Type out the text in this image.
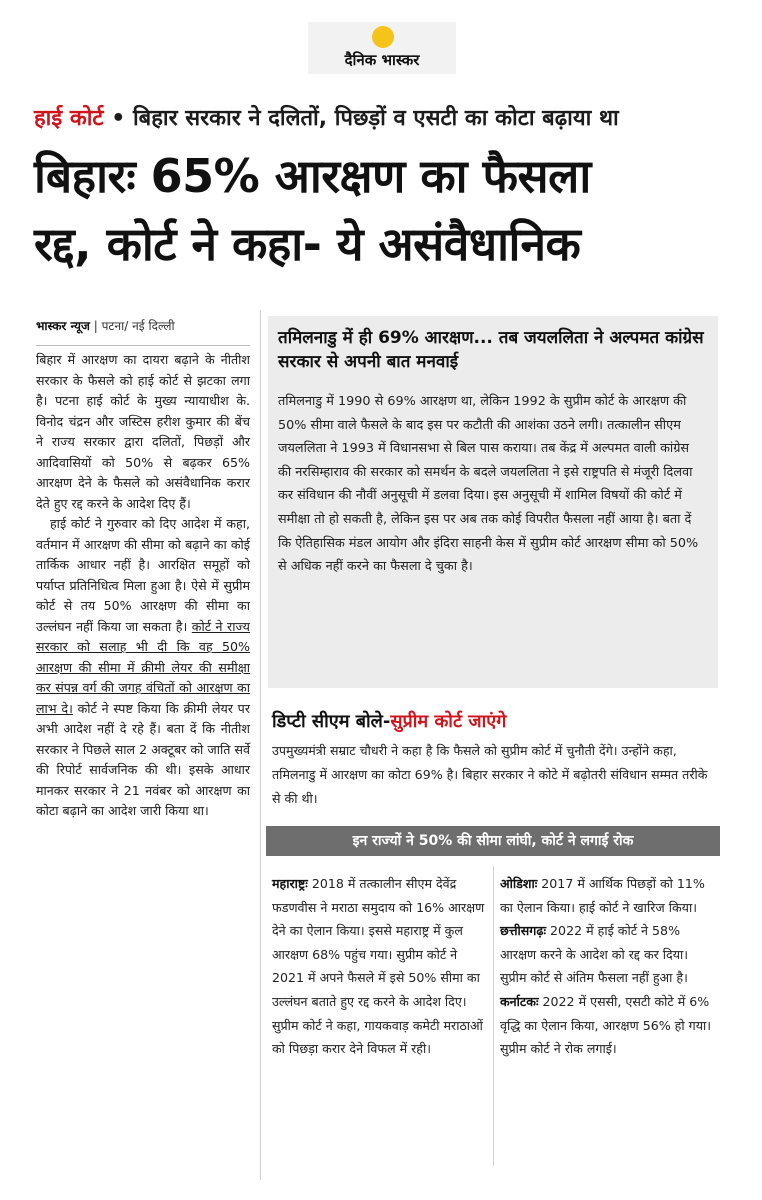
दैनिक भास्कर
हाई कोर्ट • बिहार सरकार ने दलितों, पिछड़ों व एसटी का कोटा बढ़ाया था
बिहारः 65% आरक्षण का फैसला
रद्द, कोर्ट ने कहा- ये असंवैधानिक
भास्कर न्यूज | पटना/ नई दिल्ली

बिहार में आरक्षण का दायरा बढ़ाने के नीतीश सरकार के फैसले को हाई कोर्ट से झटका लगा है। पटना हाई कोर्ट के मुख्य न्यायाधीश के. विनोद चंद्रन और जस्टिस हरीश कुमार की बेंच ने राज्य सरकार द्वारा दलितों, पिछड़ों और आदिवासियों को 50% से बढ़कर 65% आरक्षण देने के फैसले को असंवैधानिक करार देते हुए रद्द करने के आदेश दिए हैं।

हाई कोर्ट ने गुरुवार को दिए आदेश में कहा, वर्तमान में आरक्षण की सीमा को बढ़ाने का कोई तार्किक आधार नहीं है। आरक्षित समूहों को पर्याप्त प्रतिनिधित्व मिला हुआ है। ऐसे में सुप्रीम कोर्ट से तय 50% आरक्षण की सीमा का उल्लंघन नहीं किया जा सकता है। कोर्ट ने राज्य सरकार को सलाह भी दी कि वह 50% आरक्षण की सीमा में क्रीमी लेयर की समीक्षा कर संपन्न वर्ग की जगह वंचितों को आरक्षण का लाभ दे। कोर्ट ने स्पष्ट किया कि क्रीमी लेयर पर अभी आदेश नहीं दे रहे हैं। बता दें कि नीतीश सरकार ने पिछले साल 2 अक्टूबर को जाति सर्वे की रिपोर्ट सार्वजनिक की थी। इसके आधार मानकर सरकार ने 21 नवंबर को आरक्षण का कोटा बढ़ाने का आदेश जारी किया था।

तमिलनाडु में ही 69% आरक्षण... तब जयललिता ने अल्पमत कांग्रेस सरकार से अपनी बात मनवाई
तमिलनाडु में 1990 से 69% आरक्षण था, लेकिन 1992 के सुप्रीम कोर्ट के आरक्षण की 50% सीमा वाले फैसले के बाद इस पर कटौती की आशंका उठने लगी। तत्कालीन सीएम जयललिता ने 1993 में विधानसभा से बिल पास कराया। तब केंद्र में अल्पमत वाली कांग्रेस की नरसिम्हाराव की सरकार को समर्थन के बदले जयललिता ने इसे राष्ट्रपति से मंजूरी दिलवा कर संविधान की नौवीं अनुसूची में डलवा दिया। इस अनुसूची में शामिल विषयों की कोर्ट में समीक्षा तो हो सकती है, लेकिन इस पर अब तक कोई विपरीत फैसला नहीं आया है। बता दें कि ऐतिहासिक मंडल आयोग और इंदिरा साहनी केस में सुप्रीम कोर्ट आरक्षण सीमा को 50% से अधिक नहीं करने का फैसला दे चुका है।
डिप्टी सीएम बोले-सुप्रीम कोर्ट जाएंगे
उपमुख्यमंत्री सम्राट चौधरी ने कहा है कि फैसले को सुप्रीम कोर्ट में चुनौती देंगे। उन्होंने कहा, तमिलनाडु में आरक्षण का कोटा 69% है। बिहार सरकार ने कोटे में बढ़ोतरी संविधान सम्मत तरीके से की थी।
इन राज्यों ने 50% की सीमा लांघी, कोर्ट ने लगाई रोक
महाराष्ट्रः 2018 में तत्कालीन सीएम देवेंद्र फडणवीस ने मराठा समुदाय को 16% आरक्षण देने का ऐलान किया। इससे महाराष्ट्र में कुल आरक्षण 68% पहुंच गया। सुप्रीम कोर्ट ने 2021 में अपने फैसले में इसे 50% सीमा का उल्लंघन बताते हुए रद्द करने के आदेश दिए। सुप्रीम कोर्ट ने कहा, गायकवाड़ कमेटी मराठाओं को पिछड़ा करार देने विफल में रही।

ओडिशाः 2017 में आर्थिक पिछड़ों को 11% का ऐलान किया। हाई कोर्ट ने खारिज किया।

छत्तीसगढ़ः 2022 में हाई कोर्ट ने 58% आरक्षण करने के आदेश को रद्द कर दिया। सुप्रीम कोर्ट से अंतिम फैसला नहीं हुआ है।

कर्नाटकः 2022 में एससी, एसटी कोटे में 6% वृद्धि का ऐलान किया, आरक्षण 56% हो गया। सुप्रीम कोर्ट ने रोक लगाई।
